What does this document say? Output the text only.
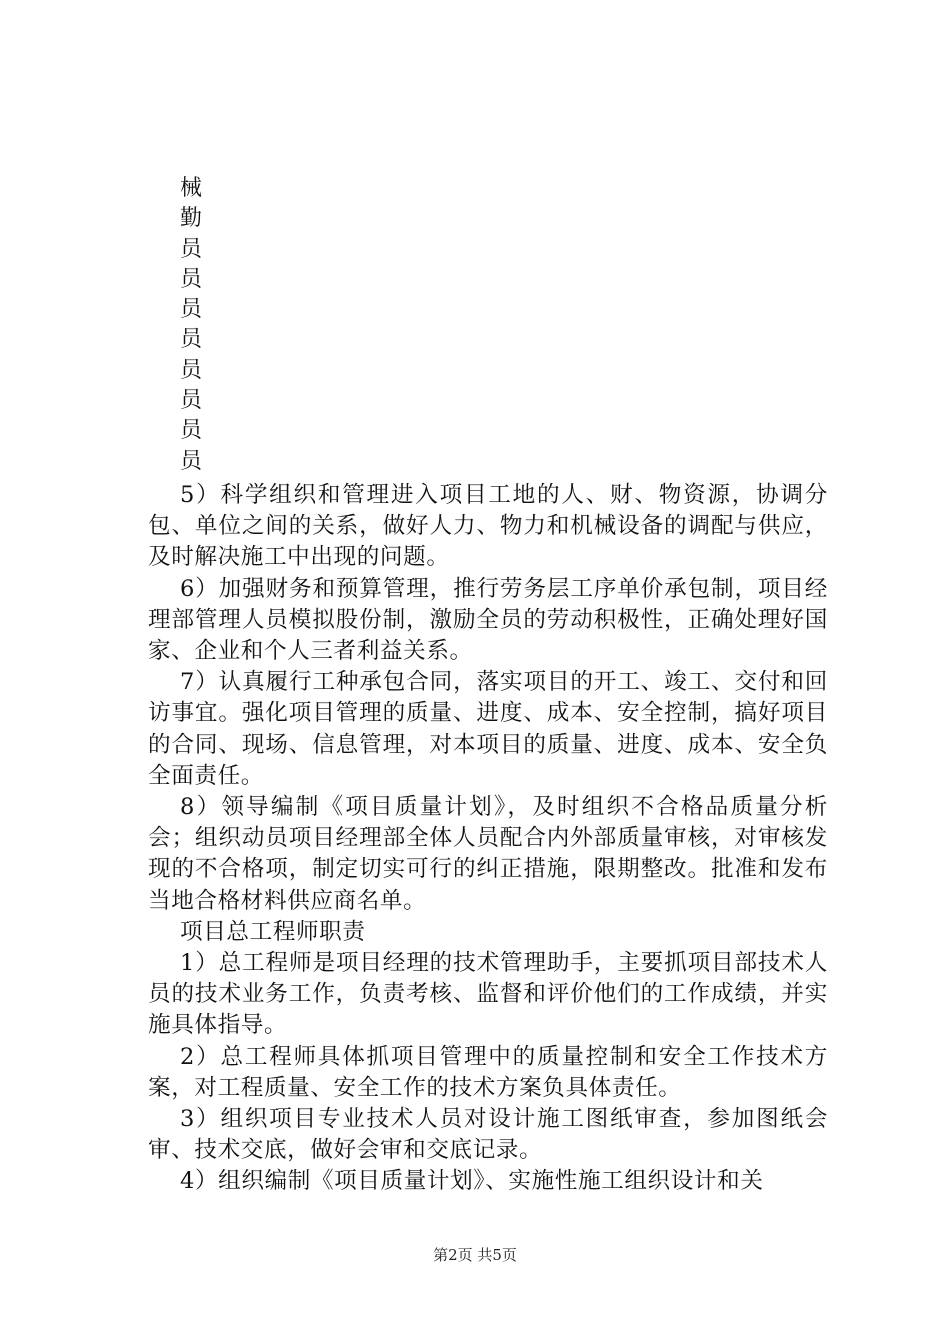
械
勤
员
员
员
员
员
员
员
员

5）科学组织和管理进入项目工地的人、财、物资源，协调分包、单位之间的关系，做好人力、物力和机械设备的调配与供应，及时解决施工中出现的问题。

6）加强财务和预算管理，推行劳务层工序单价承包制，项目经理部管理人员模拟股份制，激励全员的劳动积极性，正确处理好国家、企业和个人三者利益关系。

7）认真履行工种承包合同，落实项目的开工、竣工、交付和回访事宜。强化项目管理的质量、进度、成本、安全控制，搞好项目的合同、现场、信息管理，对本项目的质量、进度、成本、安全负全面责任。

8）领导编制《项目质量计划》，及时组织不合格品质量分析会；组织动员项目经理部全体人员配合内外部质量审核，对审核发现的不合格项，制定切实可行的纠正措施，限期整改。批准和发布当地合格材料供应商名单。

项目总工程师职责

1）总工程师是项目经理的技术管理助手，主要抓项目部技术人员的技术业务工作，负责考核、监督和评价他们的工作成绩，并实施具体指导。

2）总工程师具体抓项目管理中的质量控制和安全工作技术方案，对工程质量、安全工作的技术方案负具体责任。

3）组织项目专业技术人员对设计施工图纸审查，参加图纸会审、技术交底，做好会审和交底记录。

4）组织编制《项目质量计划》、实施性施工组织设计和关

第2页 共5页
